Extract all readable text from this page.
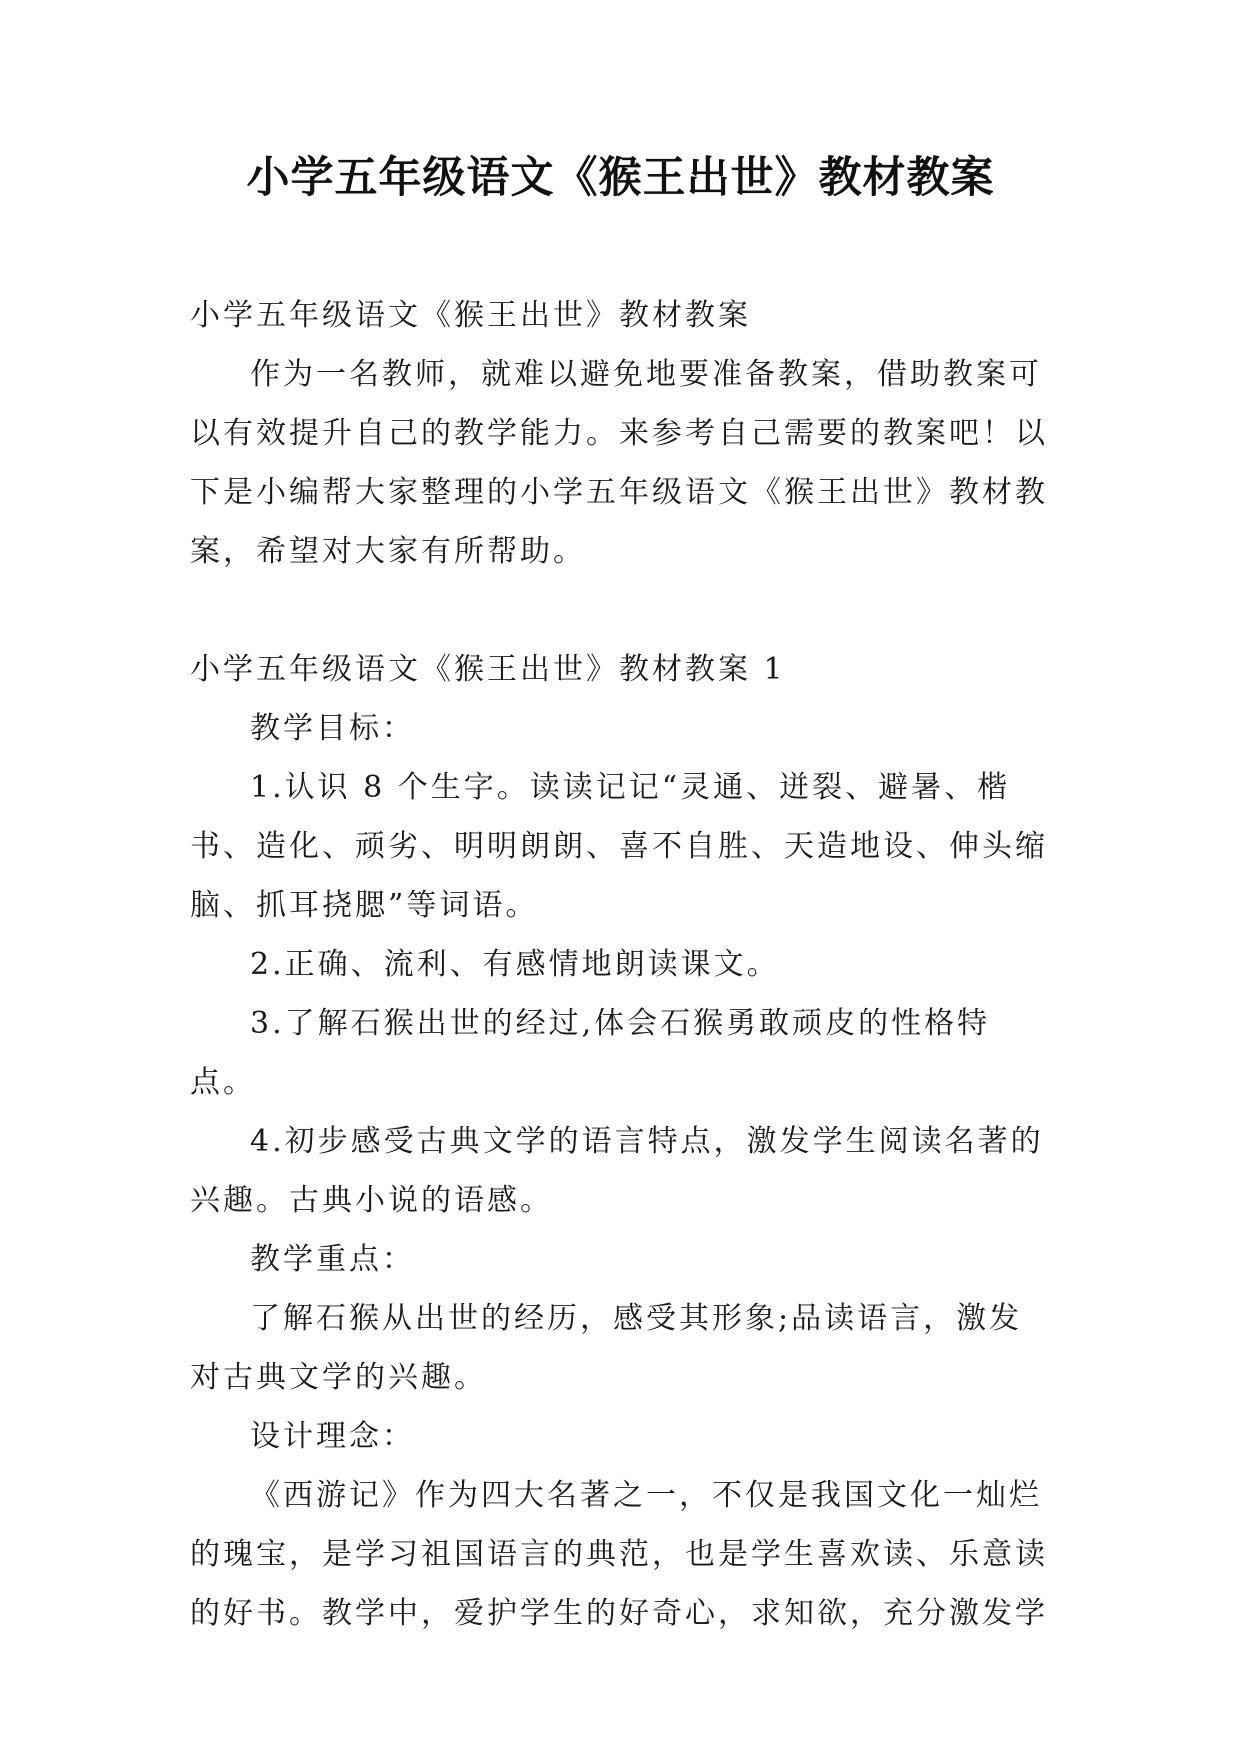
小学五年级语文《猴王出世》教材教案

小学五年级语文《猴王出世》教材教案

作为一名教师，就难以避免地要准备教案，借助教案可以有效提升自己的教学能力。来参考自己需要的教案吧！以下是小编帮大家整理的小学五年级语文《猴王出世》教材教案，希望对大家有所帮助。

小学五年级语文《猴王出世》教材教案 1

教学目标：

1.认识 8 个生字。读读记记“灵通、迸裂、避暑、楷书、造化、顽劣、明明朗朗、喜不自胜、天造地设、伸头缩脑、抓耳挠腮”等词语。

2.正确、流利、有感情地朗读课文。

3.了解石猴出世的经过,体会石猴勇敢顽皮的性格特点。

4.初步感受古典文学的语言特点，激发学生阅读名著的兴趣。古典小说的语感。

教学重点：

了解石猴从出世的经历，感受其形象;品读语言，激发对古典文学的兴趣。

设计理念：

《西游记》作为四大名著之一，不仅是我国文化一灿烂的瑰宝，是学习祖国语言的典范，也是学生喜欢读、乐意读的好书。教学中，爱护学生的好奇心，求知欲，充分激发学
